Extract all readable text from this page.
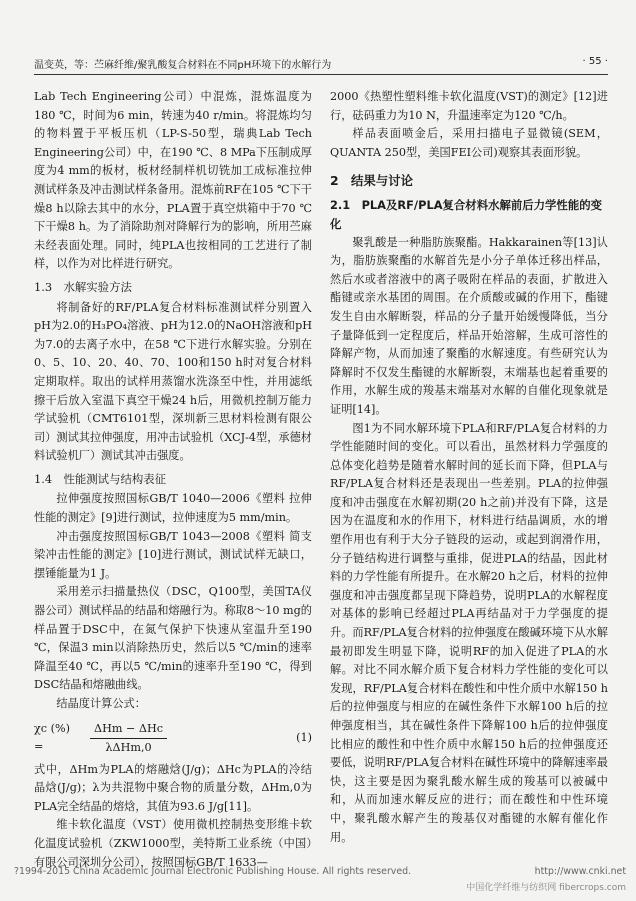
温变英，等：苎麻纤维/聚乳酸复合材料在不同pH环境下的水解行为	· 55 ·

Lab Tech Engineering公司）中混炼，混炼温度为180 ℃，时间为6 min，转速为40 r/min。将混炼均匀的物料置于平板压机（LP-S-50型，瑞典Lab Tech Engineering公司）中，在190 ℃、8 MPa下压制成厚度为4 mm的板材，板材经制样机切铣加工成标准拉伸测试样条及冲击测试样条备用。混炼前RF在105 ℃下干燥8 h以除去其中的水分，PLA置于真空烘箱中于70 ℃下干燥8 h。为了消除助剂对降解行为的影响，所用苎麻未经表面处理。同时，纯PLA也按相同的工艺进行了制样，以作为对比样进行研究。

1.3　水解实验方法

将制备好的RF/PLA复合材料标准测试样分别置入pH为2.0的H₃PO₄溶液、pH为12.0的NaOH溶液和pH为7.0的去离子水中，在58 ℃下进行水解实验。分别在0、5、10、20、40、70、100和150 h时对复合材料定期取样。取出的试样用蒸馏水洗涤至中性，并用滤纸擦干后放入室温下真空干燥24 h后，用微机控制万能力学试验机（CMT6101型，深圳新三思材料检测有限公司）测试其拉伸强度，用冲击试验机（XCJ-4型，承德材料试验机厂）测试其冲击强度。

1.4　性能测试与结构表征

拉伸强度按照国标GB/T 1040—2006《塑料 拉伸性能的测定》[9]进行测试，拉伸速度为5 mm/min。

冲击强度按照国标GB/T 1043—2008《塑料 简支梁冲击性能的测定》[10]进行测试，测试试样无缺口，摆锤能量为1 J。

采用差示扫描量热仪（DSC，Q100型，美国TA仪器公司）测试样品的结晶和熔融行为。称取8～10 mg的样品置于DSC中，在氮气保护下快速从室温升至190 ℃，保温3 min以消除热历史，然后以5 ℃/min的速率降温至40 ℃，再以5 ℃/min的速率升至190 ℃，得到DSC结晶和熔融曲线。

结晶度计算公式：

χc (%) =	$\frac{\text{ΔHm − ΔHc}}{\text{λΔHm,0}}$	(1)

式中，ΔHm为PLA的熔融焓(J/g)；ΔHc为PLA的冷结晶焓(J/g)；λ为共混物中聚合物的质量分数，ΔHm,0为PLA完全结晶的熔焓，其值为93.6 J/g[11]。

维卡软化温度（VST）使用微机控制热变形维卡软化温度试验机（ZKW1000型，美特斯工业系统（中国）有限公司深圳分公司），按照国标GB/T 1633—

2000《热塑性塑料维卡软化温度(VST)的测定》[12]进行，砝码重力为10 N，升温速率定为120 ℃/h。

样品表面喷金后，采用扫描电子显微镜(SEM，QUANTA 250型，美国FEI公司)观察其表面形貌。

2　结果与讨论
2.1　PLA及RF/PLA复合材料水解前后力学性能的变化

聚乳酸是一种脂肪族聚酯。Hakkarainen等[13]认为，脂肪族聚酯的水解首先是小分子单体迁移出样品，然后水或者溶液中的离子吸附在样品的表面，扩散进入酯键或亲水基团的周围。在介质酸或碱的作用下，酯键发生自由水解断裂，样品的分子量开始缓慢降低，当分子量降低到一定程度后，样品开始溶解，生成可溶性的降解产物，从而加速了聚酯的水解速度。有些研究认为降解时不仅发生酯键的水解断裂，末端基也起着重要的作用，水解生成的羧基末端基对水解的自催化现象就是证明[14]。

图1为不同水解环境下PLA和RF/PLA复合材料的力学性能随时间的变化。可以看出，虽然材料力学强度的总体变化趋势是随着水解时间的延长而下降，但PLA与RF/PLA复合材料还是表现出一些差别。PLA的拉伸强度和冲击强度在水解初期(20 h之前)并没有下降，这是因为在温度和水的作用下，材料进行结晶调质，水的增塑作用也有利于大分子链段的运动，或起到润滑作用，分子链结构进行调整与重排，促进PLA的结晶，因此材料的力学性能有所提升。在水解20 h之后，材料的拉伸强度和冲击强度都呈现下降趋势，说明PLA的水解程度对基体的影响已经超过PLA再结晶对于力学强度的提升。而RF/PLA复合材料的拉伸强度在酸碱环境下从水解最初即发生明显下降，说明RF的加入促进了PLA的水解。对比不同水解介质下复合材料力学性能的变化可以发现，RF/PLA复合材料在酸性和中性介质中水解150 h后的拉伸强度与相应的在碱性条件下水解100 h后的拉伸强度相当，其在碱性条件下降解100 h后的拉伸强度比相应的酸性和中性介质中水解150 h后的拉伸强度还要低，说明RF/PLA复合材料在碱性环境中的降解速率最快，这主要是因为聚乳酸水解生成的羧基可以被碱中和，从而加速水解反应的进行；而在酸性和中性环境中，聚乳酸水解产生的羧基仅对酯键的水解有催化作用。

?1994-2015 China Academic Journal Electronic Publishing House. All rights reserved.	http://www.cnki.net
中国化学纤维与纺织网 fibercrops.com
